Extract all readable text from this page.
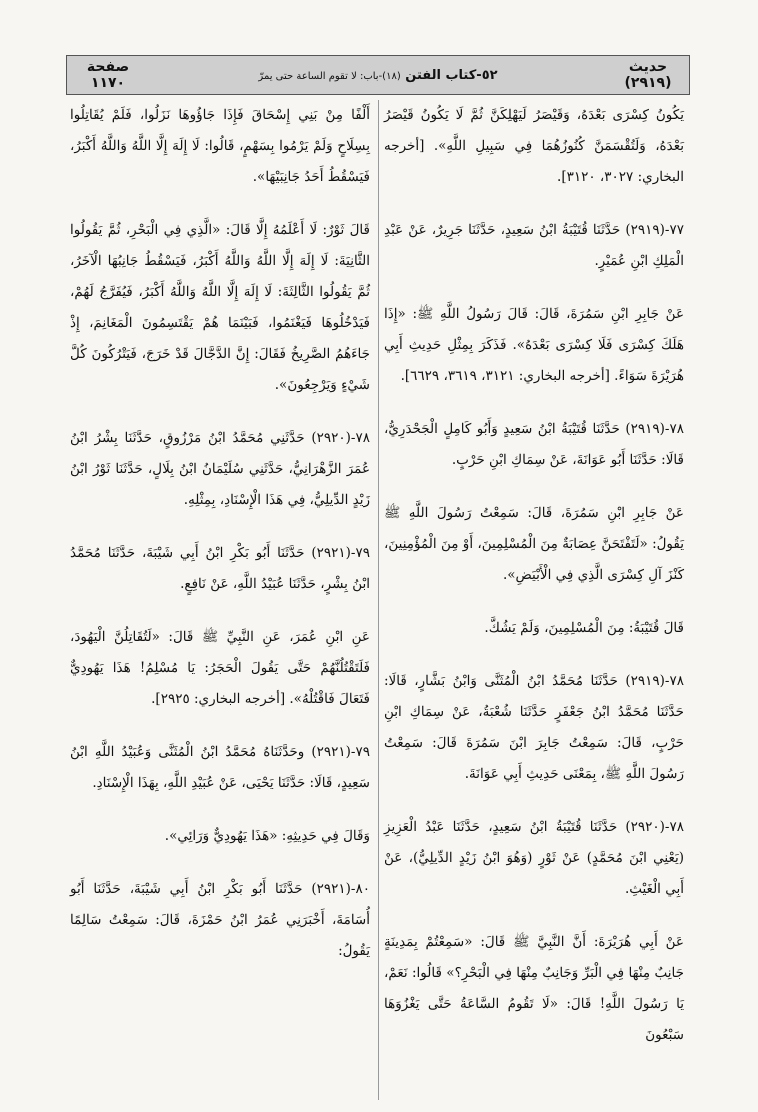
حديث
(٢٩١٩)
٥٢-كتاب الفتن (١٨)-باب: لا تقوم الساعة حتى يمرّ
صفحة
١١٧٠

يَكُونُ كِسْرَى بَعْدَهُ، وَقَيْصَرُ لَيَهْلِكَنَّ ثُمَّ لَا يَكُونُ قَيْصَرُ بَعْدَهُ، وَلَتُقْسَمَنَّ كُنُوزُهُمَا فِي سَبِيلِ اللَّهِ». [أخرجه البخاري: ٣٠٢٧، ٣١٢٠].

٧٧-(٢٩١٩) حَدَّثَنَا قُتَيْبَةُ ابْنُ سَعِيدٍ، حَدَّثَنَا جَرِيرٌ، عَنْ عَبْدِ الْمَلِكِ ابْنِ عُمَيْرٍ.

عَنْ جَابِرِ ابْنِ سَمُرَةَ، قَالَ: قَالَ رَسُولُ اللَّهِ ﷺ: «إِذَا هَلَكَ كِسْرَى فَلَا كِسْرَى بَعْدَهُ». فَذَكَرَ بِمِثْلِ حَدِيثِ أَبِي هُرَيْرَةَ سَوَاءً. [أخرجه البخاري: ٣١٢١، ٣٦١٩، ٦٦٢٩].

٧٨-(٢٩١٩) حَدَّثَنَا قُتَيْبَةُ ابْنُ سَعِيدٍ وَأَبُو كَامِلٍ الْجَحْدَرِيُّ، قَالَا: حَدَّثَنَا أَبُو عَوَانَةَ، عَنْ سِمَاكِ ابْنِ حَرْبٍ.

عَنْ جَابِرِ ابْنِ سَمُرَةَ، قَالَ: سَمِعْتُ رَسُولَ اللَّهِ ﷺ يَقُولُ: «لَتَفْتَحَنَّ عِصَابَةٌ مِنَ الْمُسْلِمِينَ، أَوْ مِنَ الْمُؤْمِنِينَ، كَنْزَ آلِ كِسْرَى الَّذِي فِي الْأَبْيَضِ».

قَالَ قُتَيْبَةُ: مِنَ الْمُسْلِمِينَ، وَلَمْ يَشُكَّ.

٧٨-(٢٩١٩) حَدَّثَنَا مُحَمَّدُ ابْنُ الْمُثَنَّى وَابْنُ بَشَّارٍ، قَالَا: حَدَّثَنَا مُحَمَّدُ ابْنُ جَعْفَرٍ حَدَّثَنَا شُعْبَةُ، عَنْ سِمَاكِ ابْنِ حَرْبٍ، قَالَ: سَمِعْتُ جَابِرَ ابْنَ سَمُرَةَ قَالَ: سَمِعْتُ رَسُولَ اللَّهِ ﷺ، بِمَعْنَى حَدِيثِ أَبِي عَوَانَةَ.

٧٨-(٢٩٢٠) حَدَّثَنَا قُتَيْبَةُ ابْنُ سَعِيدٍ، حَدَّثَنَا عَبْدُ الْعَزِيزِ (يَعْنِي ابْنَ مُحَمَّدٍ) عَنْ ثَوْرٍ (وَهُوَ ابْنُ زَيْدٍ الدِّيلِيُّ)، عَنْ أَبِي الْغَيْثِ.

عَنْ أَبِي هُرَيْرَةَ: أَنَّ النَّبِيَّ ﷺ قَالَ: «سَمِعْتُمْ بِمَدِينَةٍ جَانِبٌ مِنْهَا فِي الْبَرِّ وَجَانِبٌ مِنْهَا فِي الْبَحْرِ؟» قَالُوا: نَعَمْ، يَا رَسُولَ اللَّهِ! قَالَ: «لَا تَقُومُ السَّاعَةُ حَتَّى يَغْزُوَهَا سَبْعُونَ

أَلْفًا مِنْ بَنِي إِسْحَاقَ فَإِذَا جَاؤُوهَا نَزَلُوا، فَلَمْ يُقَاتِلُوا بِسِلَاحٍ وَلَمْ يَرْمُوا بِسَهْمٍ، قَالُوا: لَا إِلَهَ إِلَّا اللَّهُ وَاللَّهُ أَكْبَرُ، فَيَسْقُطُ أَحَدُ جَانِبَيْهَا».

قَالَ ثَوْرٌ: لَا أَعْلَمُهُ إِلَّا قَالَ: «الَّذِي فِي الْبَحْرِ، ثُمَّ يَقُولُوا الثَّانِيَةَ: لَا إِلَهَ إِلَّا اللَّهُ وَاللَّهُ أَكْبَرُ، فَيَسْقُطُ جَانِبُهَا الْآخَرُ، ثُمَّ يَقُولُوا الثَّالِثَةَ: لَا إِلَهَ إِلَّا اللَّهُ وَاللَّهُ أَكْبَرُ، فَيُفَرَّجُ لَهُمْ، فَيَدْخُلُوهَا فَيَغْنَمُوا، فَبَيْنَمَا هُمْ يَقْتَسِمُونَ الْمَغَانِمَ، إِذْ جَاءَهُمُ الصَّرِيخُ فَقَالَ: إِنَّ الدَّجَّالَ قَدْ خَرَجَ، فَيَتْرُكُونَ كُلَّ شَيْءٍ وَيَرْجِعُونَ».

٧٨-(٢٩٢٠) حَدَّثَنِي مُحَمَّدُ ابْنُ مَرْزُوقٍ، حَدَّثَنَا بِشْرُ ابْنُ عُمَرَ الزَّهْرَانِيُّ، حَدَّثَنِي سُلَيْمَانُ ابْنُ بِلَالٍ، حَدَّثَنَا ثَوْرُ ابْنُ زَيْدٍ الدِّيلِيُّ، فِي هَذَا الْإِسْنَادِ، بِمِثْلِهِ.

٧٩-(٢٩٢١) حَدَّثَنَا أَبُو بَكْرِ ابْنُ أَبِي شَيْبَةَ، حَدَّثَنَا مُحَمَّدُ ابْنُ بِشْرٍ، حَدَّثَنَا عُبَيْدُ اللَّهِ، عَنْ نَافِعٍ.

عَنِ ابْنِ عُمَرَ، عَنِ النَّبِيِّ ﷺ قَالَ: «لَتُقَاتِلُنَّ الْيَهُودَ، فَلَتَقْتُلُنَّهُمْ حَتَّى يَقُولَ الْحَجَرُ: يَا مُسْلِمُ! هَذَا يَهُودِيٌّ فَتَعَالَ فَاقْتُلْهُ». [أخرجه البخاري: ٢٩٢٥].

٧٩-(٢٩٢١) وحَدَّثَنَاهُ مُحَمَّدُ ابْنُ الْمُثَنَّى وَعُبَيْدُ اللَّهِ ابْنُ سَعِيدٍ، قَالَا: حَدَّثَنَا يَحْيَى، عَنْ عُبَيْدِ اللَّهِ، بِهَذَا الْإِسْنَادِ.

وَقَالَ فِي حَدِيثِهِ: «هَذَا يَهُودِيٌّ وَرَائِي».

٨٠-(٢٩٢١) حَدَّثَنَا أَبُو بَكْرِ ابْنُ أَبِي شَيْبَةَ، حَدَّثَنَا أَبُو أُسَامَةَ، أَخْبَرَنِي عُمَرُ ابْنُ حَمْزَةَ، قَالَ: سَمِعْتُ سَالِمًا يَقُولُ:
